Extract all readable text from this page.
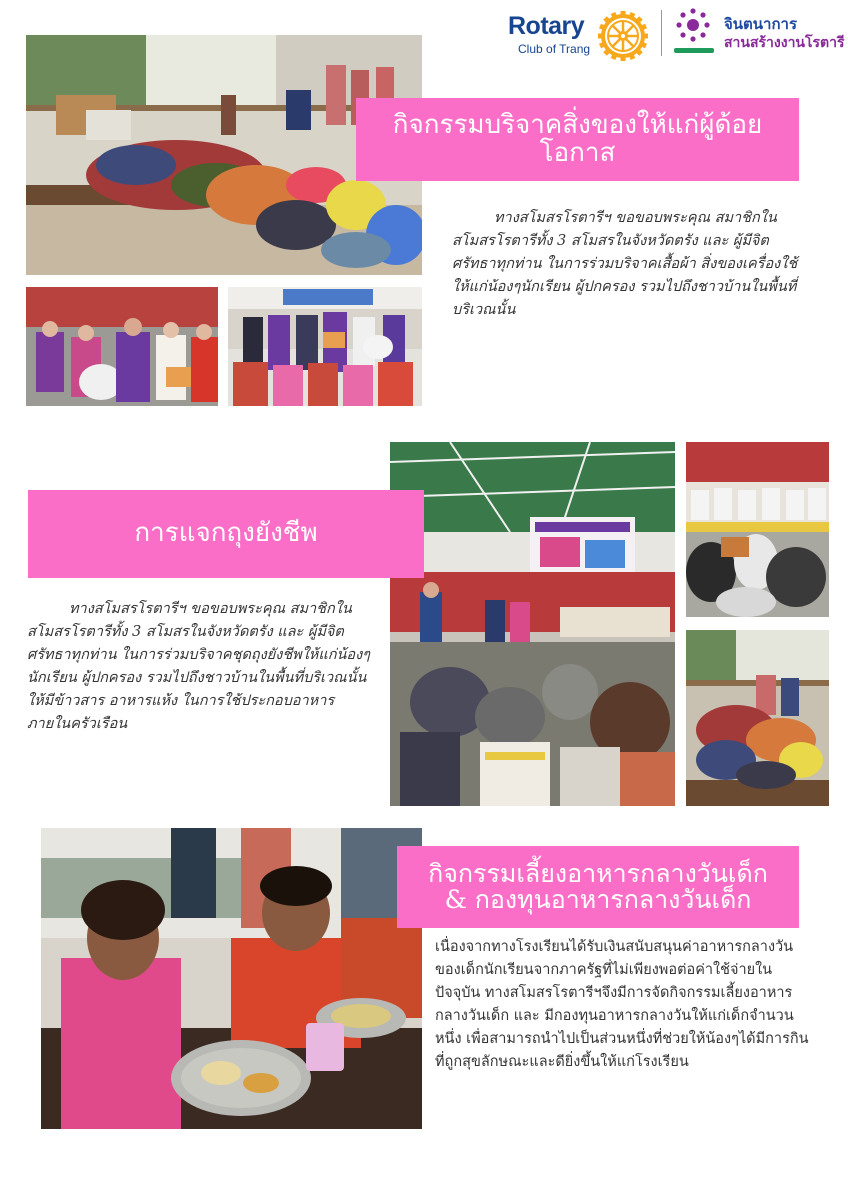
Rotary
Club of Trang
จินตนาการ
สานสร้างงานโรตารี
กิจกรรมบริจาคสิ่งของให้แก่ผู้ด้อยโอกาส

ทางสโมสรโรตารีฯ ขอขอบพระคุณ สมาชิกในสโมสรโรตารีทั้ง 3 สโมสรในจังหวัดตรัง และ ผู้มีจิตศรัทธาทุกท่าน ในการร่วมบริจาคเสื้อผ้า สิ่งของเครื่องใช้ ให้แก่น้องๆนักเรียน ผู้ปกครอง รวมไปถึงชาวบ้านในพื้นที่บริเวณนั้น

การแจกถุงยังชีพ

ทางสโมสรโรตารีฯ ขอขอบพระคุณ สมาชิกในสโมสรโรตารีทั้ง 3 สโมสรในจังหวัดตรัง และ ผู้มีจิตศรัทธาทุกท่าน ในการร่วมบริจาคชุดถุงยังชีพให้แก่น้องๆนักเรียน ผู้ปกครอง รวมไปถึงชาวบ้านในพื้นที่บริเวณนั้น ให้มีข้าวสาร อาหารแห้ง ในการใช้ประกอบอาหารภายในครัวเรือน

กิจกรรมเลี้ยงอาหารกลางวันเด็ก
& กองทุนอาหารกลางวันเด็ก

เนื่องจากทางโรงเรียนได้รับเงินสนับสนุนค่าอาหารกลางวันของเด็กนักเรียนจากภาครัฐที่ไม่เพียงพอต่อค่าใช้จ่ายในปัจจุบัน ทางสโมสรโรตารีฯจึงมีการจัดกิจกรรมเลี้ยงอาหารกลางวันเด็ก และ มีกองทุนอาหารกลางวันให้แก่เด็กจำนวนหนึ่ง เพื่อสามารถนำไปเป็นส่วนหนึ่งที่ช่วยให้น้องๆได้มีการกินที่ถูกสุขลักษณะและดียิ่งขึ้นให้แก่โรงเรียน
